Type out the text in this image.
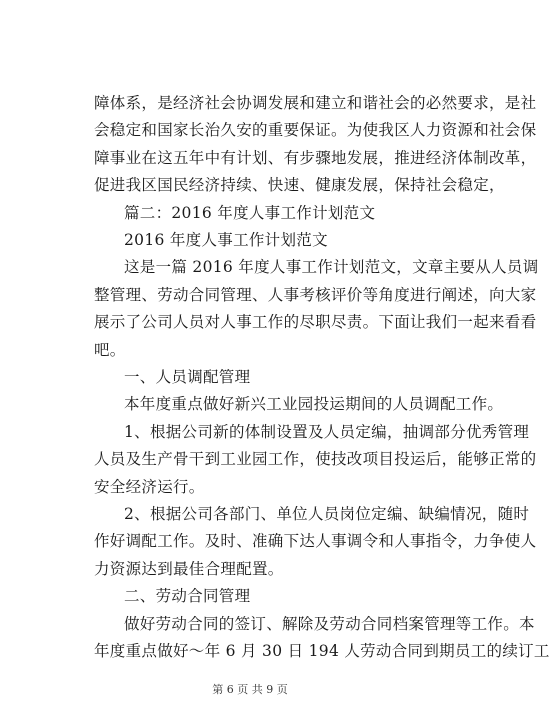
障体系，是经济社会协调发展和建立和谐社会的必然要求，是社
会稳定和国家长治久安的重要保证。为使我区人力资源和社会保
障事业在这五年中有计划、有步骤地发展，推进经济体制改革，
促进我区国民经济持续、快速、健康发展，保持社会稳定，
篇二：2016 年度人事工作计划范文
2016 年度人事工作计划范文
这是一篇 2016 年度人事工作计划范文，文章主要从人员调
整管理、劳动合同管理、人事考核评价等角度进行阐述，向大家
展示了公司人员对人事工作的尽职尽责。下面让我们一起来看看
吧。
一、人员调配管理
本年度重点做好新兴工业园投运期间的人员调配工作。
1、根据公司新的体制设置及人员定编，抽调部分优秀管理
人员及生产骨干到工业园工作，使技改项目投运后，能够正常的
安全经济运行。
2、根据公司各部门、单位人员岗位定编、缺编情况，随时
作好调配工作。及时、准确下达人事调令和人事指令，力争使人
力资源达到最佳合理配置。
二、劳动合同管理
做好劳动合同的签订、解除及劳动合同档案管理等工作。本
年度重点做好～年 6 月 30 日 194 人劳动合同到期员工的续订工
第 6 页 共 9 页
